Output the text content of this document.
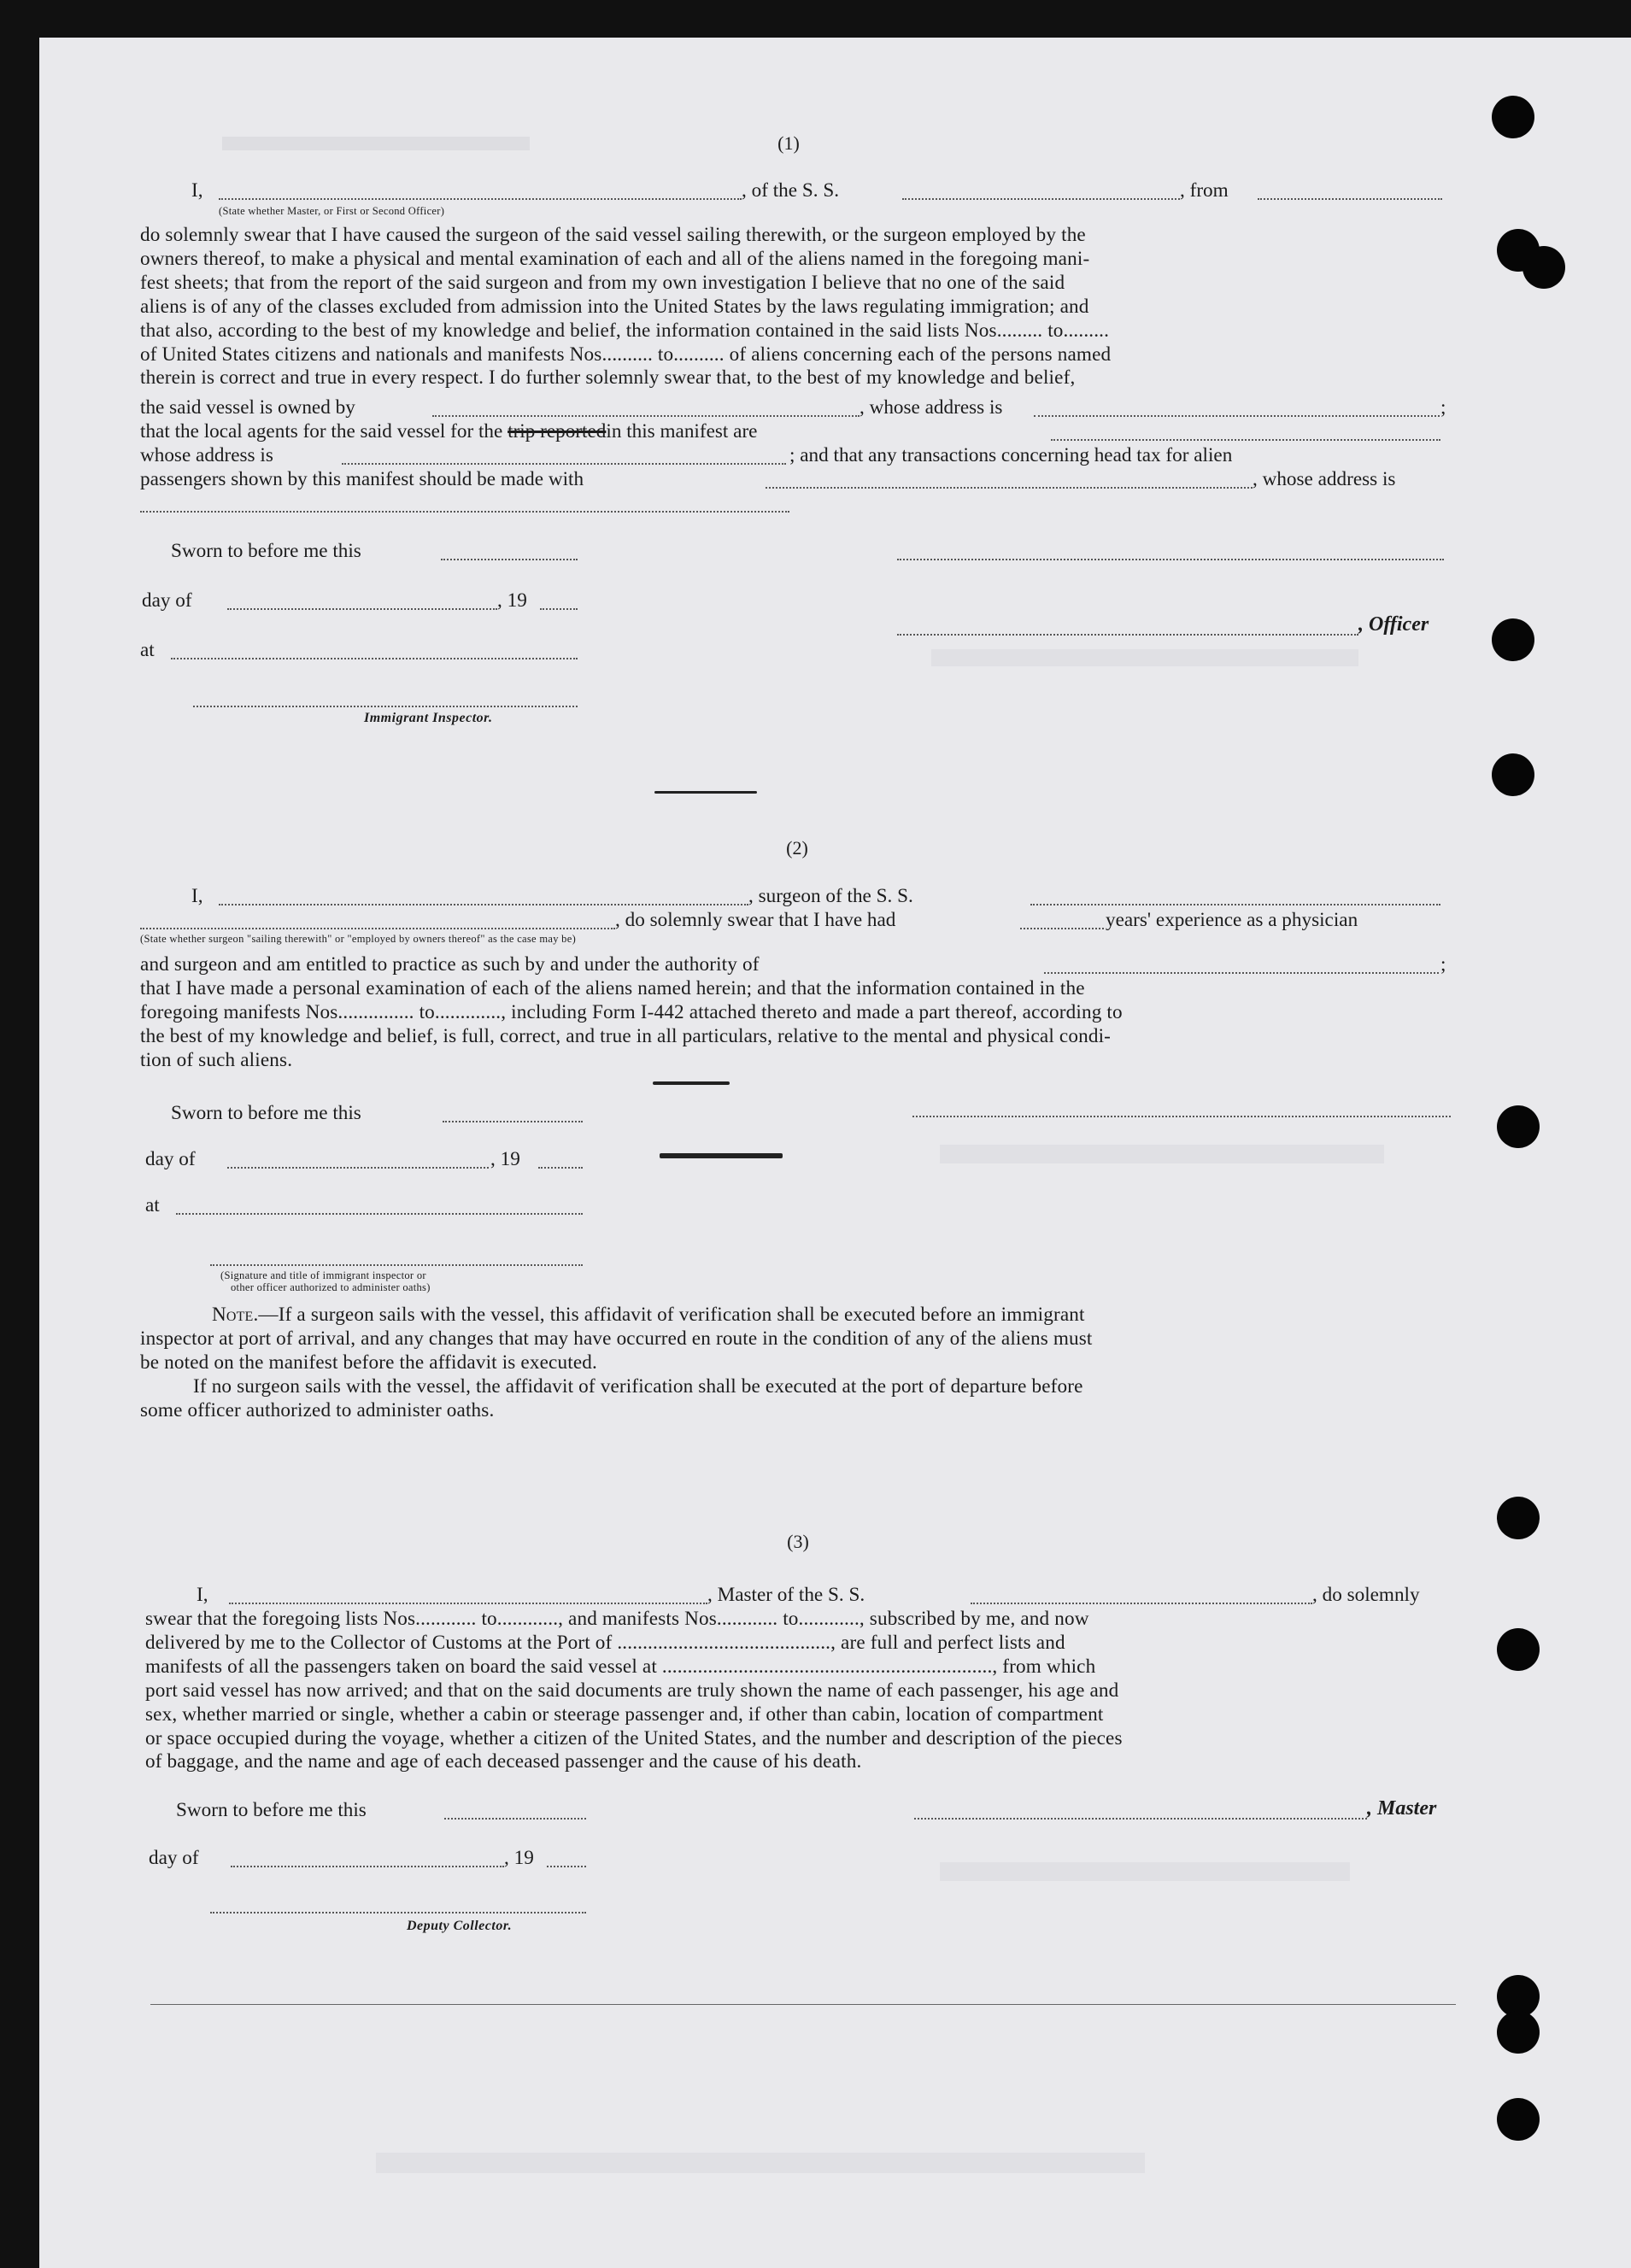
(1)
I,	, of the S. S.	, from
(State whether Master, or First or Second Officer)
do solemnly swear that I have caused the surgeon of the said vessel sailing therewith, or the surgeon employed by the
owners thereof, to make a physical and mental examination of each and all of the aliens named in the foregoing mani-
fest sheets; that from the report of the said surgeon and from my own investigation I believe that no one of the said
aliens is of any of the classes excluded from admission into the United States by the laws regulating immigration; and
that also, according to the best of my knowledge and belief, the information contained in the said lists Nos......... to.........
of United States citizens and nationals and manifests Nos.......... to.......... of aliens concerning each of the persons named
therein is correct and true in every respect. I do further solemnly swear that, to the best of my knowledge and belief,
the said vessel is owned by	, whose address is	;
that the local agents for the said vessel for the trip reportedin this manifest are
whose address is	; and that any transactions concerning head tax for alien
passengers shown by this manifest should be made with	, whose address is
Sworn to before me this
day of	, 19
, Officer
at
Immigrant Inspector.
(2)
I,	, surgeon of the S. S.
, do solemnly swear that I have had	years' experience as a physician
(State whether surgeon "sailing therewith" or "employed by owners thereof" as the case may be)
and surgeon and am entitled to practice as such by and under the authority of
that I have made a personal examination of each of the aliens named herein; and that the information contained in the
foregoing manifests Nos............... to............., including Form I-442 attached thereto and made a part thereof, according to
the best of my knowledge and belief, is full, correct, and true in all particulars, relative to the mental and physical condi-
tion of such aliens.
;
Sworn to before me this
day of	, 19
at
(Signature and title of immigrant inspector or
other officer authorized to administer oaths)
Note.—If a surgeon sails with the vessel, this affidavit of verification shall be executed before an immigrant
inspector at port of arrival, and any changes that may have occurred en route in the condition of any of the aliens must
be noted on the manifest before the affidavit is executed.
If no surgeon sails with the vessel, the affidavit of verification shall be executed at the port of departure before
some officer authorized to administer oaths.
(3)
I,	, Master of the S. S.	, do solemnly
swear that the foregoing lists Nos............ to............, and manifests Nos............ to............, subscribed by me, and now
delivered by me to the Collector of Customs at the Port of .........................................., are full and perfect lists and
manifests of all the passengers taken on board the said vessel at ................................................................., from which
port said vessel has now arrived; and that on the said documents are truly shown the name of each passenger, his age and
sex, whether married or single, whether a cabin or steerage passenger and, if other than cabin, location of compartment
or space occupied during the voyage, whether a citizen of the United States, and the number and description of the pieces
of baggage, and the name and age of each deceased passenger and the cause of his death.
Sworn to before me this	, Master
day of	, 19
Deputy Collector.
